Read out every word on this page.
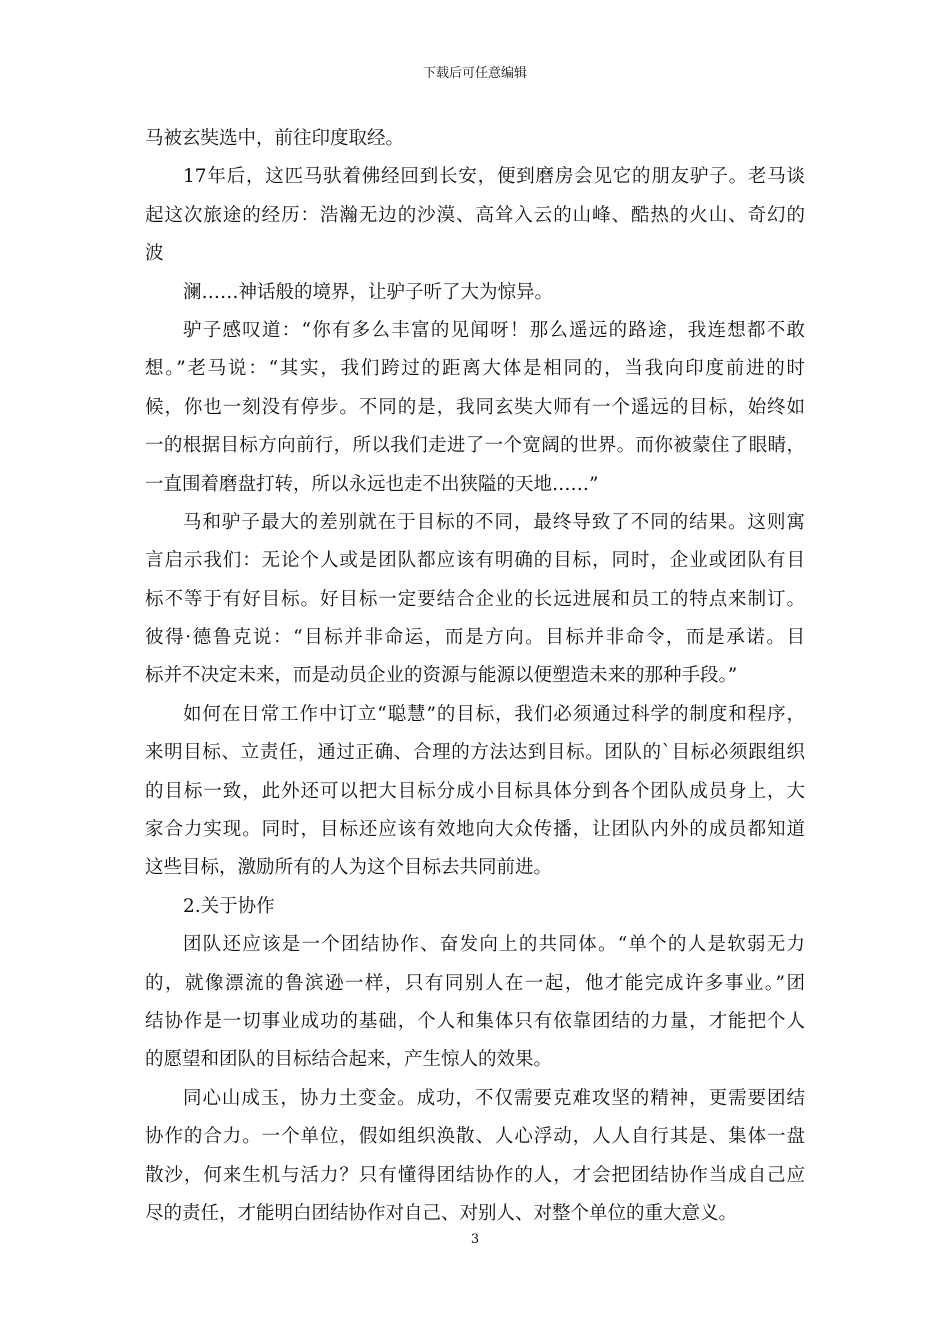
下载后可任意编辑
马被玄奘选中，前往印度取经。
17年后，这匹马驮着佛经回到长安，便到磨房会见它的朋友驴子。老马谈
起这次旅途的经历：浩瀚无边的沙漠、高耸入云的山峰、酷热的火山、奇幻的
波
澜……神话般的境界，让驴子听了大为惊异。
驴子感叹道：“你有多么丰富的见闻呀！那么遥远的路途，我连想都不敢
想。”老马说：“其实，我们跨过的距离大体是相同的，当我向印度前进的时
候，你也一刻没有停步。不同的是，我同玄奘大师有一个遥远的目标，始终如
一的根据目标方向前行，所以我们走进了一个宽阔的世界。而你被蒙住了眼睛，
一直围着磨盘打转，所以永远也走不出狭隘的天地……”
马和驴子最大的差别就在于目标的不同，最终导致了不同的结果。这则寓
言启示我们：无论个人或是团队都应该有明确的目标，同时，企业或团队有目
标不等于有好目标。好目标一定要结合企业的长远进展和员工的特点来制订。
彼得·德鲁克说：“目标并非命运，而是方向。目标并非命令，而是承诺。目
标并不决定未来，而是动员企业的资源与能源以便塑造未来的那种手段。”
如何在日常工作中订立“聪慧”的目标，我们必须通过科学的制度和程序，
来明目标、立责任，通过正确、合理的方法达到目标。团队的`目标必须跟组织
的目标一致，此外还可以把大目标分成小目标具体分到各个团队成员身上，大
家合力实现。同时，目标还应该有效地向大众传播，让团队内外的成员都知道
这些目标，激励所有的人为这个目标去共同前进。
2.关于协作
团队还应该是一个团结协作、奋发向上的共同体。“单个的人是软弱无力
的，就像漂流的鲁滨逊一样，只有同别人在一起，他才能完成许多事业。”团
结协作是一切事业成功的基础，个人和集体只有依靠团结的力量，才能把个人
的愿望和团队的目标结合起来，产生惊人的效果。
同心山成玉，协力土变金。成功，不仅需要克难攻坚的精神，更需要团结
协作的合力。一个单位，假如组织涣散、人心浮动，人人自行其是、集体一盘
散沙，何来生机与活力？只有懂得团结协作的人，才会把团结协作当成自己应
尽的责任，才能明白团结协作对自己、对别人、对整个单位的重大意义。
3
